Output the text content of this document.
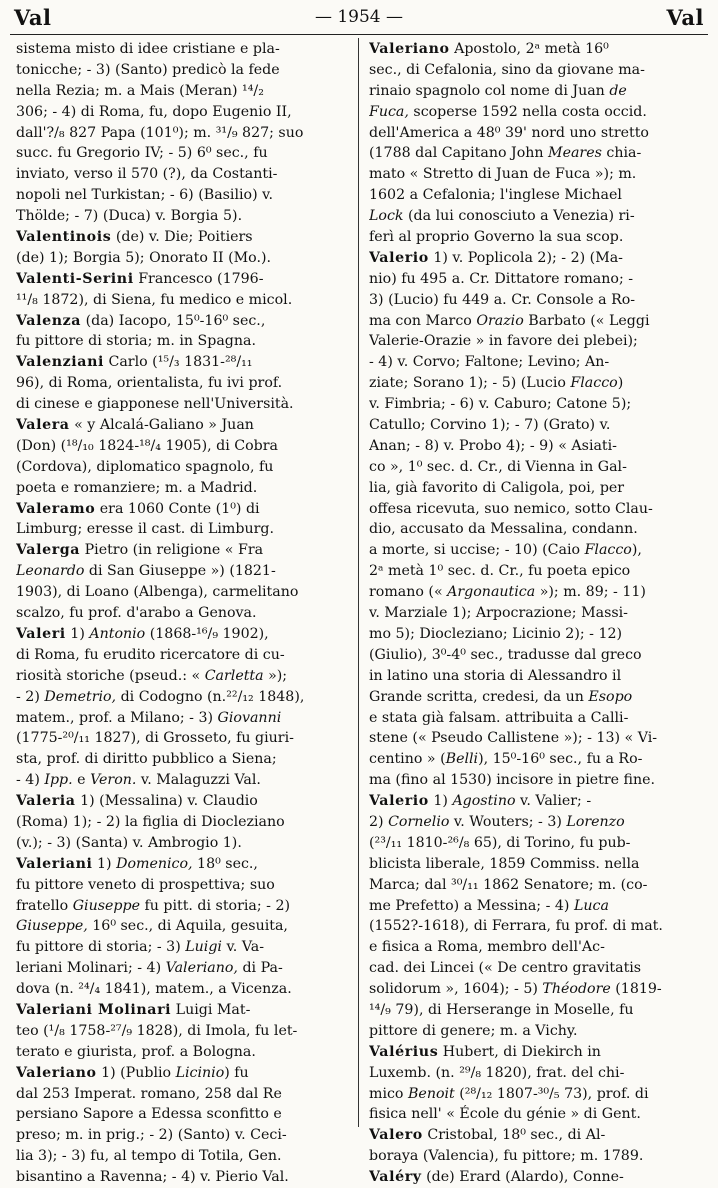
Val	— 1954 —	Val
sistema misto di idee cristiane e pla-
tonicche; - 3) (Santo) predicò la fede
nella Rezia; m. a Mais (Meran) ¹⁴/₂
306; - 4) di Roma, fu, dopo Eugenio II,
dall'?/₈ 827 Papa (101⁰); m. ³¹/₉ 827; suo
succ. fu Gregorio IV; - 5) 6⁰ sec., fu
inviato, verso il 570 (?), da Costanti-
nopoli nel Turkistan; - 6) (Basilio) v.
Thölde; - 7) (Duca) v. Borgia 5).
Valentinois (de) v. Die; Poitiers
(de) 1); Borgia 5); Onorato II (Mo.).
Valenti-Serini Francesco (1796-
¹¹/₈ 1872), di Siena, fu medico e micol.
Valenza (da) Iacopo, 15⁰-16⁰ sec.,
fu pittore di storia; m. in Spagna.
Valenziani Carlo (¹⁵/₃ 1831-²⁸/₁₁
96), di Roma, orientalista, fu ivi prof.
di cinese e giapponese nell'Università.
Valera « y Alcalá-Galiano » Juan
(Don) (¹⁸/₁₀ 1824-¹⁸/₄ 1905), di Cobra
(Cordova), diplomatico spagnolo, fu
poeta e romanziere; m. a Madrid.
Valeramo era 1060 Conte (1⁰) di
Limburg; eresse il cast. di Limburg.
Valerga Pietro (in religione « Fra
Leonardo di San Giuseppe ») (1821-
1903), di Loano (Albenga), carmelitano
scalzo, fu prof. d'arabo a Genova.
Valeri 1) Antonio (1868-¹⁶/₉ 1902),
di Roma, fu erudito ricercatore di cu-
riosità storiche (pseud.: « Carletta »);
- 2) Demetrio, di Codogno (n.²²/₁₂ 1848),
matem., prof. a Milano; - 3) Giovanni
(1775-²⁰/₁₁ 1827), di Grosseto, fu giuri-
sta, prof. di diritto pubblico a Siena;
- 4) Ipp. e Veron. v. Malaguzzi Val.
Valeria 1) (Messalina) v. Claudio
(Roma) 1); - 2) la figlia di Diocleziano
(v.); - 3) (Santa) v. Ambrogio 1).
Valeriani 1) Domenico, 18⁰ sec.,
fu pittore veneto di prospettiva; suo
fratello Giuseppe fu pitt. di storia; - 2)
Giuseppe, 16⁰ sec., di Aquila, gesuita,
fu pittore di storia; - 3) Luigi v. Va-
leriani Molinari; - 4) Valeriano, di Pa-
dova (n. ²⁴/₄ 1841), matem., a Vicenza.
Valeriani Molinari Luigi Mat-
teo (¹/₈ 1758-²⁷/₉ 1828), di Imola, fu let-
terato e giurista, prof. a Bologna.
Valeriano 1) (Publio Licinio) fu
dal 253 Imperat. romano, 258 dal Re
persiano Sapore a Edessa sconfitto e
preso; m. in prig.; - 2) (Santo) v. Ceci-
lia 3); - 3) fu, al tempo di Totila, Gen.
bisantino a Ravenna; - 4) v. Pierio Val.
Valeriano Apostolo, 2ᵃ metà 16⁰
sec., di Cefalonia, sino da giovane ma-
rinaio spagnolo col nome di Juan de
Fuca, scoperse 1592 nella costa occid.
dell'America a 48⁰ 39' nord uno stretto
(1788 dal Capitano John Meares chia-
mato « Stretto di Juan de Fuca »); m.
1602 a Cefalonia; l'inglese Michael
Lock (da lui conosciuto a Venezia) ri-
ferì al proprio Governo la sua scop.
Valerio 1) v. Poplicola 2); - 2) (Ma-
nio) fu 495 a. Cr. Dittatore romano; -
3) (Lucio) fu 449 a. Cr. Console a Ro-
ma con Marco Orazio Barbato (« Leggi
Valerie-Orazie » in favore dei plebei);
- 4) v. Corvo; Faltone; Levino; An-
ziate; Sorano 1); - 5) (Lucio Flacco)
v. Fimbria; - 6) v. Caburo; Catone 5);
Catullo; Corvino 1); - 7) (Grato) v.
Anan; - 8) v. Probo 4); - 9) « Asiati-
co », 1⁰ sec. d. Cr., di Vienna in Gal-
lia, già favorito di Caligola, poi, per
offesa ricevuta, suo nemico, sotto Clau-
dio, accusato da Messalina, condann.
a morte, si uccise; - 10) (Caio Flacco),
2ᵃ metà 1⁰ sec. d. Cr., fu poeta epico
romano (« Argonautica »); m. 89; - 11)
v. Marziale 1); Arpocrazione; Massi-
mo 5); Diocleziano; Licinio 2); - 12)
(Giulio), 3⁰-4⁰ sec., tradusse dal greco
in latino una storia di Alessandro il
Grande scritta, credesi, da un Esopo
e stata già falsam. attribuita a Calli-
stene (« Pseudo Callistene »); - 13) « Vi-
centino » (Belli), 15⁰-16⁰ sec., fu a Ro-
ma (fino al 1530) incisore in pietre fine.
Valerio 1) Agostino v. Valier; -
2) Cornelio v. Wouters; - 3) Lorenzo
(²³/₁₁ 1810-²⁶/₈ 65), di Torino, fu pub-
blicista liberale, 1859 Commiss. nella
Marca; dal ³⁰/₁₁ 1862 Senatore; m. (co-
me Prefetto) a Messina; - 4) Luca
(1552?-1618), di Ferrara, fu prof. di mat.
e fisica a Roma, membro dell'Ac-
cad. dei Lincei (« De centro gravitatis
solidorum », 1604); - 5) Théodore (1819-
¹⁴/₉ 79), di Herserange in Moselle, fu
pittore di genere; m. a Vichy.
Valérius Hubert, di Diekirch in
Luxemb. (n. ²⁹/₈ 1820), frat. del chi-
mico Benoit (²⁸/₁₂ 1807-³⁰/₅ 73), prof. di
fisica nell' « École du génie » di Gent.
Valero Cristobal, 18⁰ sec., di Al-
boraya (Valencia), fu pittore; m. 1789.
Valéry (de) Erard (Alardo), Conne-
